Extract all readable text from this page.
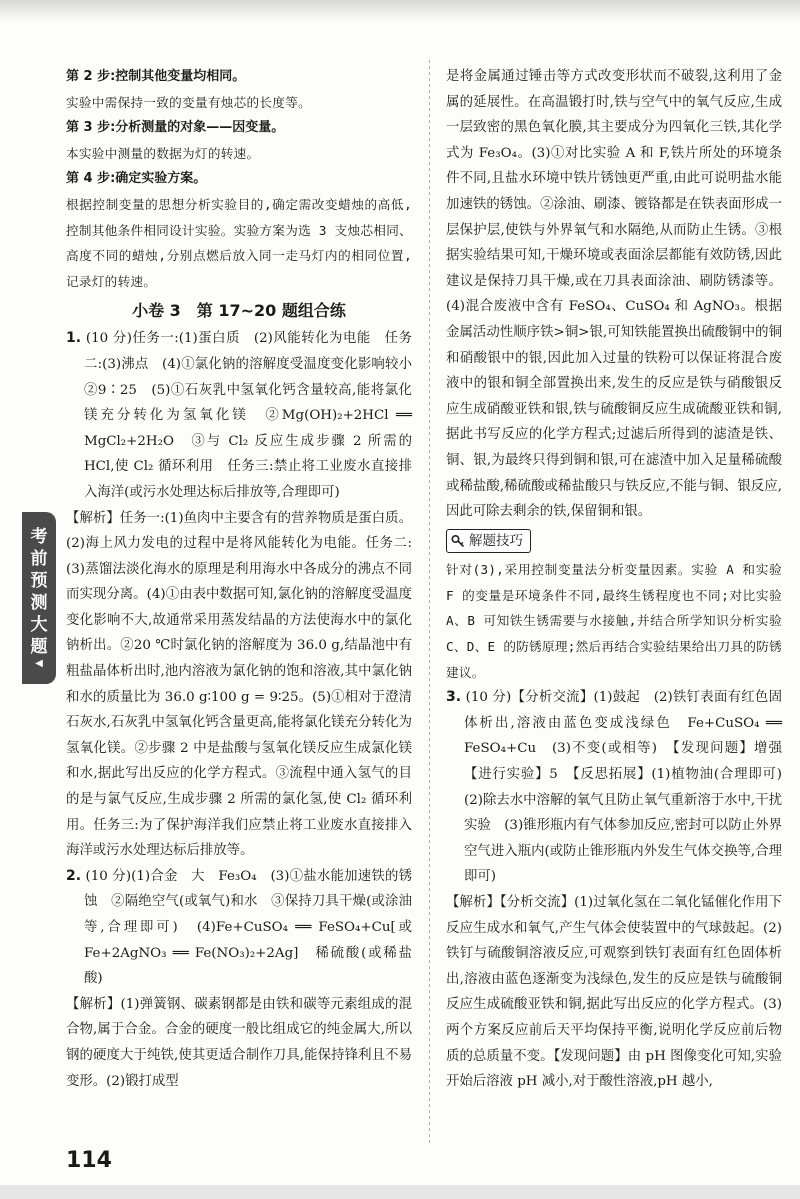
第 2 步:控制其他变量均相同。

实验中需保持一致的变量有烛芯的长度等。

第 3 步:分析测量的对象——因变量。

本实验中测量的数据为灯的转速。

第 4 步:确定实验方案。

根据控制变量的思想分析实验目的,确定需改变蜡烛的高低,控制其他条件相同设计实验。实验方案为选 3 支烛芯相同、高度不同的蜡烛,分别点燃后放入同一走马灯内的相同位置,记录灯的转速。

小卷 3　第 17~20 题组合练

1. (10 分)任务一:(1)蛋白质　(2)风能转化为电能　任务二:(3)沸点　(4)①氯化钠的溶解度受温度变化影响较小　②9∶25　(5)①石灰乳中氢氧化钙含量较高,能将氯化镁充分转化为氢氧化镁　②Mg(OH)₂+2HCl ══ MgCl₂+2H₂O　③与 Cl₂ 反应生成步骤 2 所需的 HCl,使 Cl₂ 循环利用　任务三:禁止将工业废水直接排入海洋(或污水处理达标后排放等,合理即可)

【解析】任务一:(1)鱼肉中主要含有的营养物质是蛋白质。(2)海上风力发电的过程中是将风能转化为电能。任务二:(3)蒸馏法淡化海水的原理是利用海水中各成分的沸点不同而实现分离。(4)①由表中数据可知,氯化钠的溶解度受温度变化影响不大,故通常采用蒸发结晶的方法使海水中的氯化钠析出。②20 ℃时氯化钠的溶解度为 36.0 g,结晶池中有粗盐晶体析出时,池内溶液为氯化钠的饱和溶液,其中氯化钠和水的质量比为 36.0 g∶100 g = 9∶25。(5)①相对于澄清石灰水,石灰乳中氢氧化钙含量更高,能将氯化镁充分转化为氢氧化镁。②步骤 2 中是盐酸与氢氧化镁反应生成氯化镁和水,据此写出反应的化学方程式。③流程中通入氢气的目的是与氯气反应,生成步骤 2 所需的氯化氢,使 Cl₂ 循环利用。任务三:为了保护海洋我们应禁止将工业废水直接排入海洋或污水处理达标后排放等。

2. (10 分)(1)合金　大　Fe₃O₄　(3)①盐水能加速铁的锈蚀　②隔绝空气(或氧气)和水　③保持刀具干燥(或涂油等,合理即可)　(4)Fe+CuSO₄ ══ FeSO₄+Cu[或 Fe+2AgNO₃ ══ Fe(NO₃)₂+2Ag]　稀硫酸(或稀盐酸)

【解析】(1)弹簧钢、碳素钢都是由铁和碳等元素组成的混合物,属于合金。合金的硬度一般比组成它的纯金属大,所以钢的硬度大于纯铁,使其更适合制作刀具,能保持锋利且不易变形。(2)锻打成型

是将金属通过锤击等方式改变形状而不破裂,这利用了金属的延展性。在高温锻打时,铁与空气中的氧气反应,生成一层致密的黑色氧化膜,其主要成分为四氧化三铁,其化学式为 Fe₃O₄。(3)①对比实验 A 和 F,铁片所处的环境条件不同,且盐水环境中铁片锈蚀更严重,由此可说明盐水能加速铁的锈蚀。②涂油、刷漆、镀铬都是在铁表面形成一层保护层,使铁与外界氧气和水隔绝,从而防止生锈。③根据实验结果可知,干燥环境或表面涂层都能有效防锈,因此建议是保持刀具干燥,或在刀具表面涂油、刷防锈漆等。(4)混合废液中含有 FeSO₄、CuSO₄ 和 AgNO₃。根据金属活动性顺序铁>铜>银,可知铁能置换出硫酸铜中的铜和硝酸银中的银,因此加入过量的铁粉可以保证将混合废液中的银和铜全部置换出来,发生的反应是铁与硝酸银反应生成硝酸亚铁和银,铁与硫酸铜反应生成硫酸亚铁和铜,据此书写反应的化学方程式;过滤后所得到的滤渣是铁、铜、银,为最终只得到铜和银,可在滤渣中加入足量稀硫酸或稀盐酸,稀硫酸或稀盐酸只与铁反应,不能与铜、银反应,因此可除去剩余的铁,保留铜和银。

解题技巧

针对(3),采用控制变量法分析变量因素。实验 A 和实验 F 的变量是环境条件不同,最终生锈程度也不同;对比实验 A、B 可知铁生锈需要与水接触,并结合所学知识分析实验 C、D、E 的防锈原理;然后再结合实验结果给出刀具的防锈建议。

3. (10 分)【分析交流】(1)鼓起　(2)铁钉表面有红色固体析出,溶液由蓝色变成浅绿色　Fe+CuSO₄ ══ FeSO₄+Cu　(3)不变(或相等)　【发现问题】增强　【进行实验】5　【反思拓展】(1)植物油(合理即可)　(2)除去水中溶解的氧气且防止氧气重新溶于水中,干扰实验　(3)锥形瓶内有气体参加反应,密封可以防止外界空气进入瓶内(或防止锥形瓶内外发生气体交换等,合理即可)

【解析】【分析交流】(1)过氧化氢在二氧化锰催化作用下反应生成水和氧气,产生气体会使装置中的气球鼓起。(2)铁钉与硫酸铜溶液反应,可观察到铁钉表面有红色固体析出,溶液由蓝色逐渐变为浅绿色,发生的反应是铁与硫酸铜反应生成硫酸亚铁和铜,据此写出反应的化学方程式。(3)两个方案反应前后天平均保持平衡,说明化学反应前后物质的总质量不变。【发现问题】由 pH 图像变化可知,实验开始后溶液 pH 减小,对于酸性溶液,pH 越小,

考
前
预
测
大
题
◀
114
